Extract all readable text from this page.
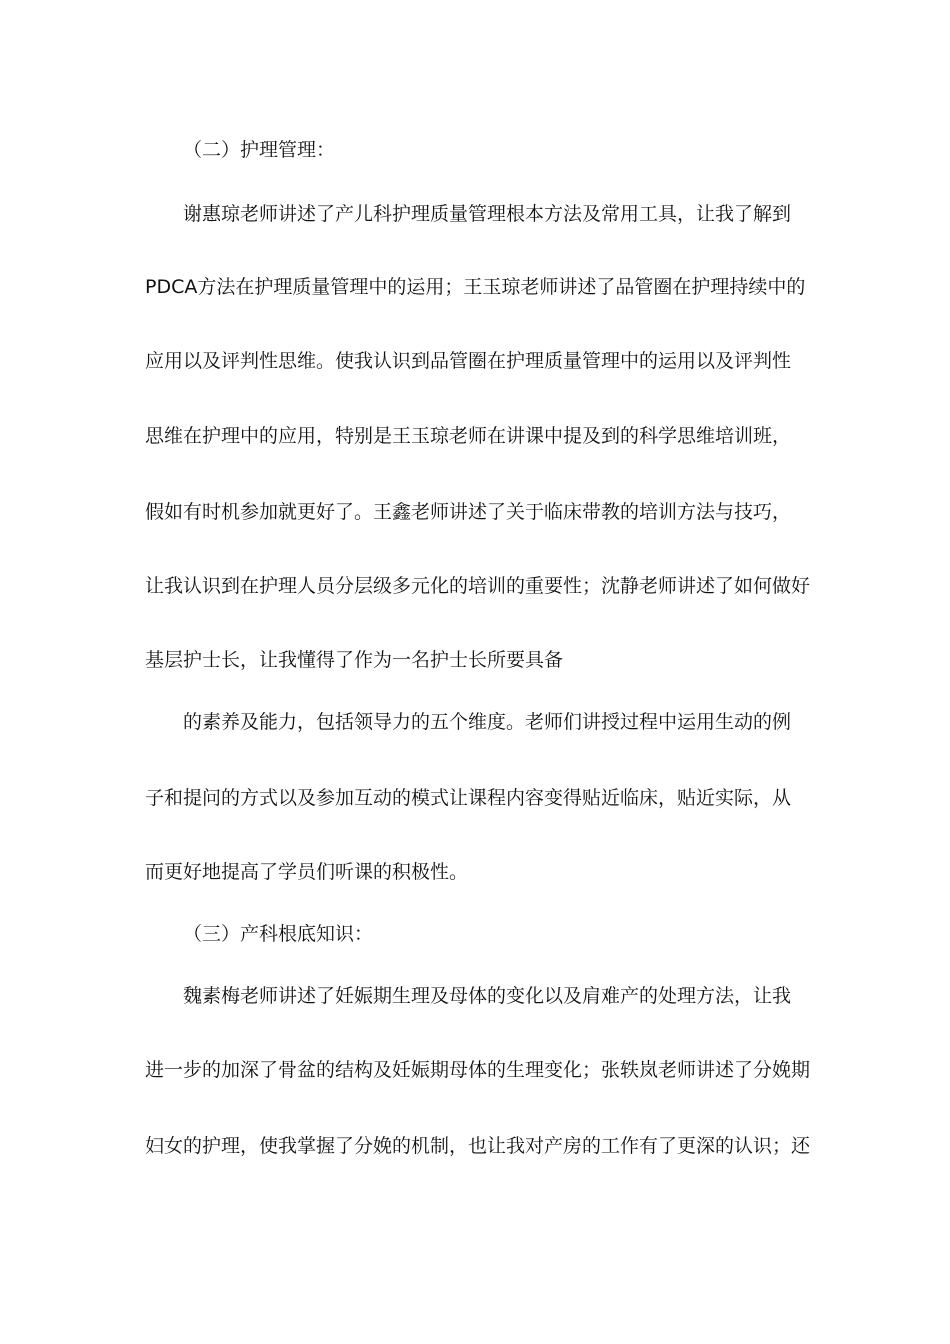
（二）护理管理：
谢惠琼老师讲述了产儿科护理质量管理根本方法及常用工具，让我了解到
PDCA方法在护理质量管理中的运用；王玉琼老师讲述了品管圈在护理持续中的
应用以及评判性思维。使我认识到品管圈在护理质量管理中的运用以及评判性
思维在护理中的应用，特别是王玉琼老师在讲课中提及到的科学思维培训班，
假如有时机参加就更好了。王鑫老师讲述了关于临床带教的培训方法与技巧，
让我认识到在护理人员分层级多元化的培训的重要性；沈静老师讲述了如何做好
基层护士长，让我懂得了作为一名护士长所要具备
的素养及能力，包括领导力的五个维度。老师们讲授过程中运用生动的例
子和提问的方式以及参加互动的模式让课程内容变得贴近临床，贴近实际，从
而更好地提高了学员们听课的积极性。
（三）产科根底知识：
魏素梅老师讲述了妊娠期生理及母体的变化以及肩难产的处理方法，让我
进一步的加深了骨盆的结构及妊娠期母体的生理变化；张轶岚老师讲述了分娩期
妇女的护理，使我掌握了分娩的机制，也让我对产房的工作有了更深的认识；还
